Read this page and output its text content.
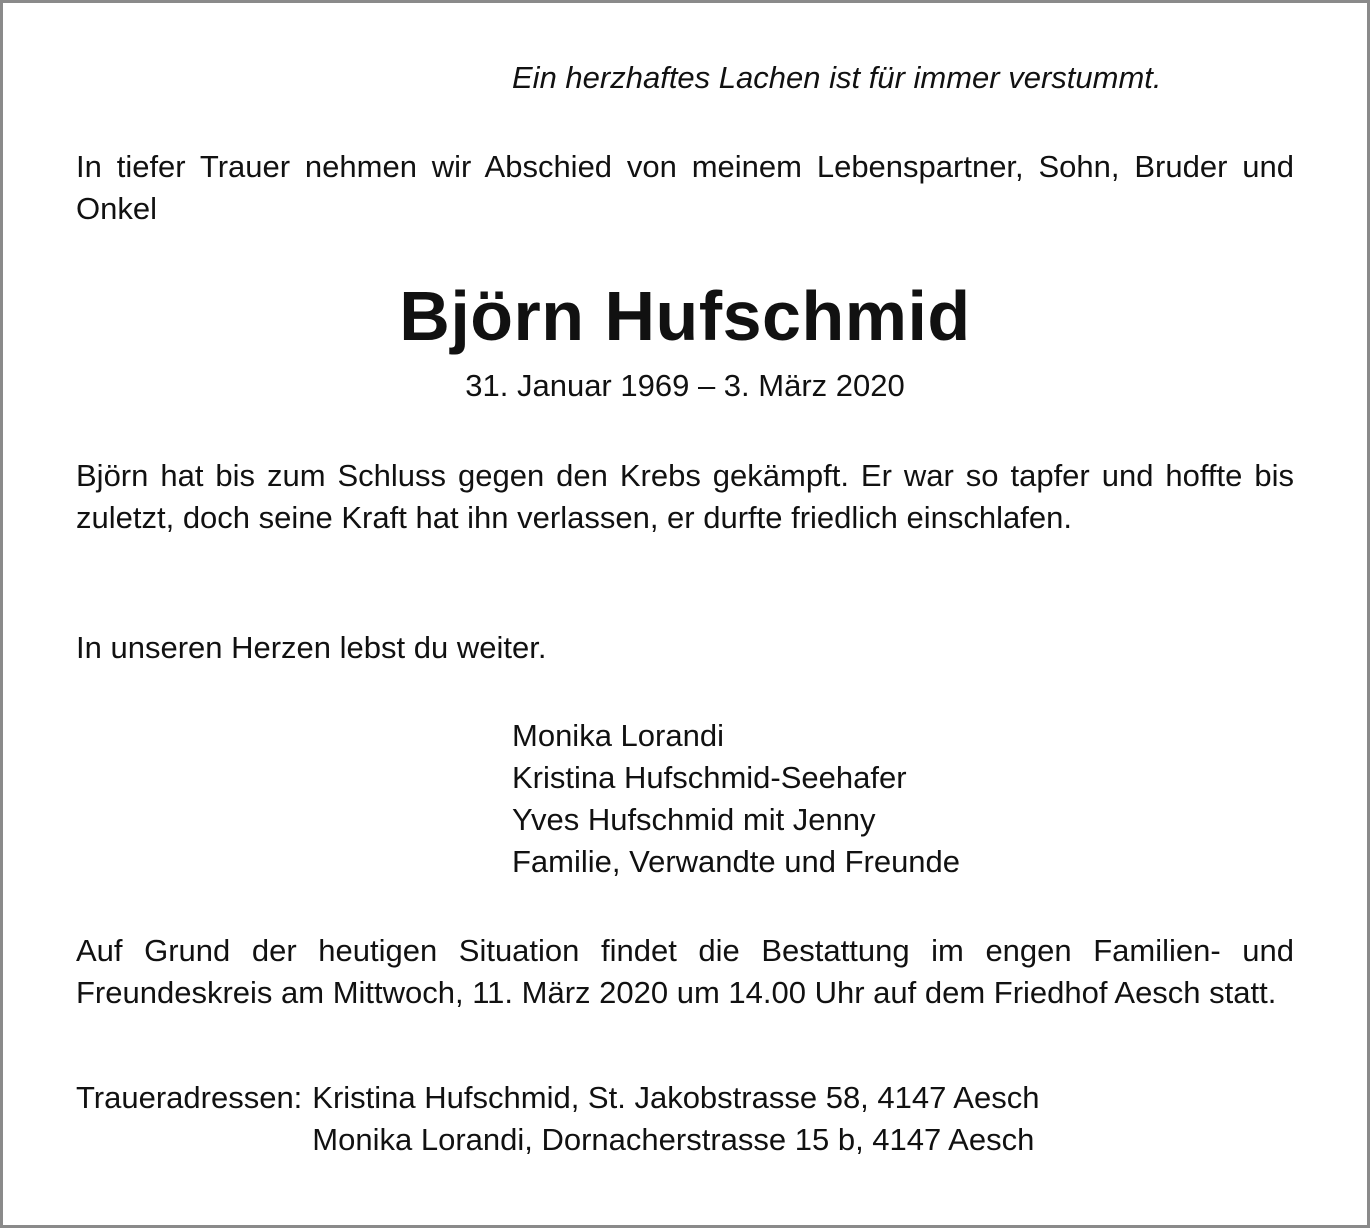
Ein herzhaftes Lachen ist für immer verstummt.
In tiefer Trauer nehmen wir Abschied von meinem Lebenspartner, Sohn, Bruder und Onkel
Björn Hufschmid
31. Januar 1969 – 3. März 2020
Björn hat bis zum Schluss gegen den Krebs gekämpft. Er war so tapfer und hoffte bis zuletzt, doch seine Kraft hat ihn verlassen, er durfte friedlich einschlafen.
In unseren Herzen lebst du weiter.
Monika Lorandi
Kristina Hufschmid-Seehafer
Yves Hufschmid mit Jenny
Familie, Verwandte und Freunde
Auf Grund der heutigen Situation findet die Bestattung im engen Familien- und Freundeskreis am Mittwoch, 11. März 2020 um 14.00 Uhr auf dem Friedhof Aesch statt.
Traueradressen: Kristina Hufschmid, St. Jakobstrasse 58, 4147 Aesch
Monika Lorandi, Dornacherstrasse 15 b, 4147 Aesch
